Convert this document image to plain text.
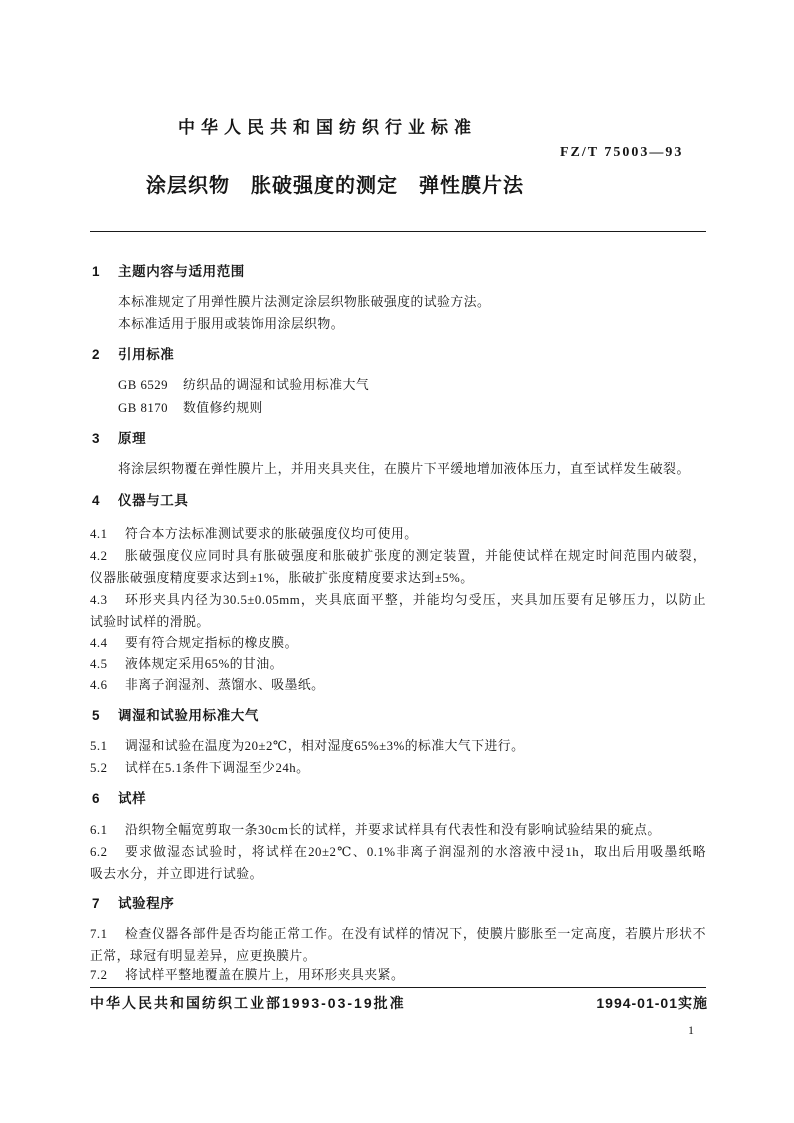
中华人民共和国纺织行业标准
FZ/T 75003—93
涂层织物　胀破强度的测定　弹性膜片法
1 主题内容与适用范围
本标准规定了用弹性膜片法测定涂层织物胀破强度的试验方法。
本标准适用于服用或装饰用涂层织物。
2 引用标准
GB 6529 纺织品的调湿和试验用标准大气
GB 8170 数值修约规则
3 原理
将涂层织物覆在弹性膜片上，并用夹具夹住，在膜片下平缓地增加液体压力，直至试样发生破裂。
4 仪器与工具
4.1 符合本方法标准测试要求的胀破强度仪均可使用。
4.2 胀破强度仪应同时具有胀破强度和胀破扩张度的测定装置，并能使试样在规定时间范围内破裂，
仪器胀破强度精度要求达到±1%，胀破扩张度精度要求达到±5%。
4.3 环形夹具内径为30.5±0.05mm，夹具底面平整，并能均匀受压，夹具加压要有足够压力，以防止
试验时试样的滑脱。
4.4 要有符合规定指标的橡皮膜。
4.5 液体规定采用65%的甘油。
4.6 非离子润湿剂、蒸馏水、吸墨纸。
5 调湿和试验用标准大气
5.1 调湿和试验在温度为20±2℃，相对湿度65%±3%的标准大气下进行。
5.2 试样在5.1条件下调湿至少24h。
6 试样
6.1 沿织物全幅宽剪取一条30cm长的试样，并要求试样具有代表性和没有影响试验结果的疵点。
6.2 要求做湿态试验时，将试样在20±2℃、0.1%非离子润湿剂的水溶液中浸1h，取出后用吸墨纸略
吸去水分，并立即进行试验。
7 试验程序
7.1 检查仪器各部件是否均能正常工作。在没有试样的情况下，使膜片膨胀至一定高度，若膜片形状不
正常，球冠有明显差异，应更换膜片。
7.2 将试样平整地覆盖在膜片上，用环形夹具夹紧。
中华人民共和国纺织工业部1993-03-19批准	1994-01-01实施
1
